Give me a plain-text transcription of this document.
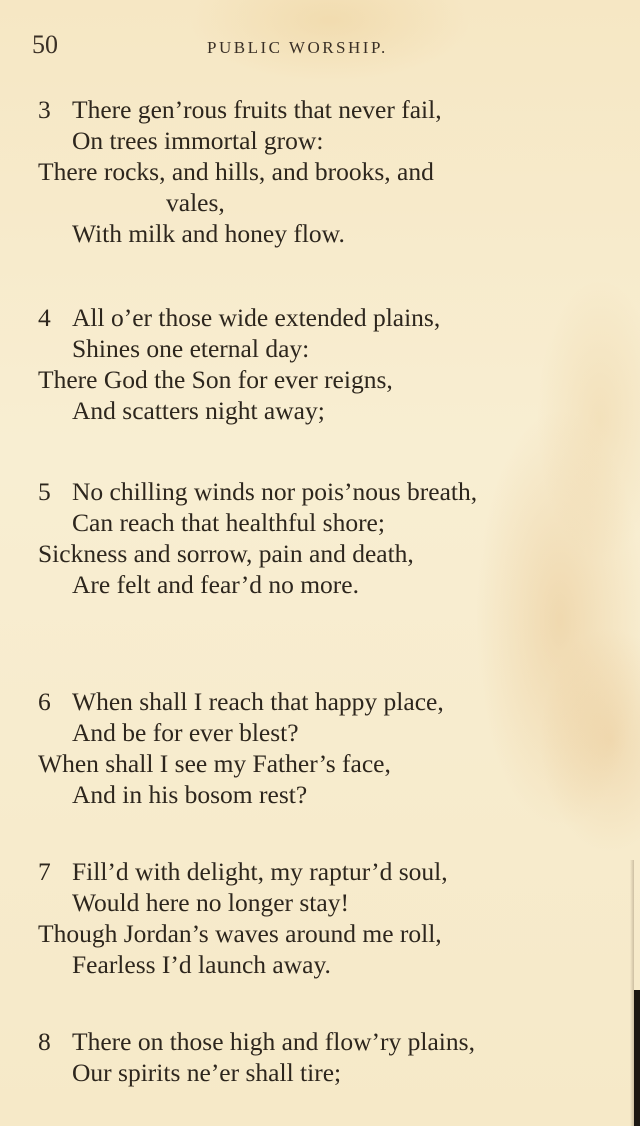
50	PUBLIC WORSHIP.
3 There gen’rous fruits that never fail,
On trees immortal grow:
There rocks, and hills, and brooks, and
vales,
With milk and honey flow.
4 All o’er those wide extended plains,
Shines one eternal day:
There God the Son for ever reigns,
And scatters night away;
5 No chilling winds nor pois’nous breath,
Can reach that healthful shore;
Sickness and sorrow, pain and death,
Are felt and fear’d no more.
6 When shall I reach that happy place,
And be for ever blest?
When shall I see my Father’s face,
And in his bosom rest?
7 Fill’d with delight, my raptur’d soul,
Would here no longer stay!
Though Jordan’s waves around me roll,
Fearless I’d launch away.
8 There on those high and flow’ry plains,
Our spirits ne’er shall tire;
